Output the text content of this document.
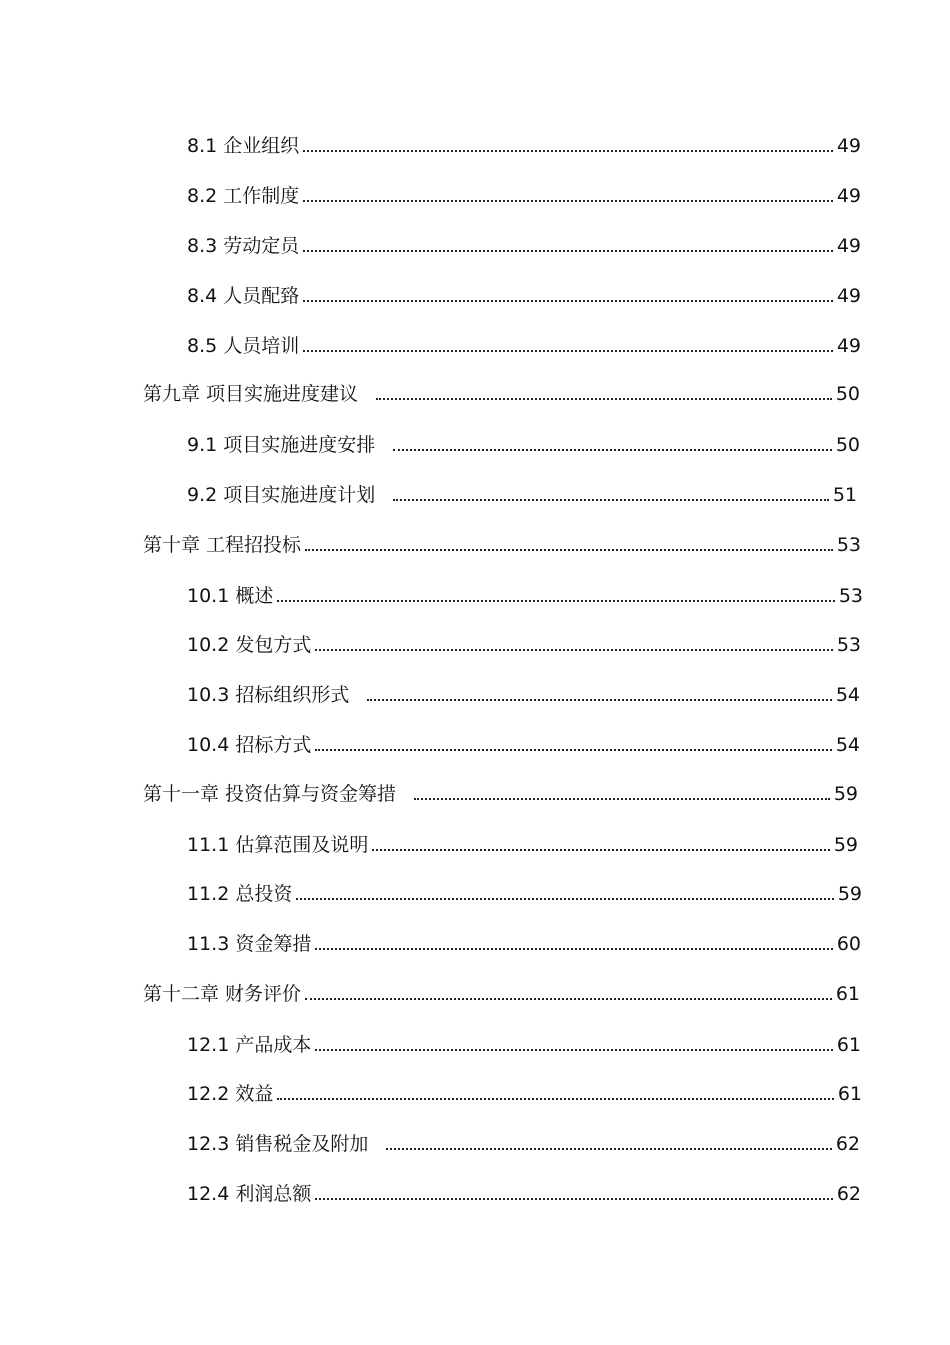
8.1 企业组织	49
8.2 工作制度	49
8.3 劳动定员	49
8.4 人员配臵	49
8.5 人员培训	49
第九章 项目实施进度建议	50
9.1 项目实施进度安排	50
9.2 项目实施进度计划	51
第十章 工程招投标	53
10.1 概述	53
10.2 发包方式	53
10.3 招标组织形式	54
10.4 招标方式	54
第十一章 投资估算与资金筹措	59
11.1 估算范围及说明	59
11.2 总投资	59
11.3 资金筹措	60
第十二章 财务评价	61
12.1 产品成本	61
12.2 效益	61
12.3 销售税金及附加	62
12.4 利润总额	62
